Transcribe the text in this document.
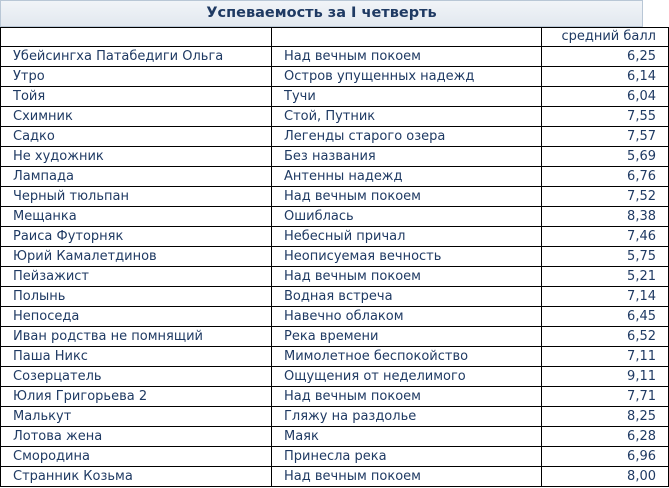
Успеваемость за I четверть
		средний балл
Убейсингха Патабедиги Ольга	Над вечным покоем	6,25
Утро	Остров упущенных надежд	6,14
Тойя	Тучи	6,04
Схимник	Стой, Путник	7,55
Садко	Легенды старого озера	7,57
Не художник	Без названия	5,69
Лампада	Антенны надежд	6,76
Черный тюльпан	Над вечным покоем	7,52
Мещанка	Ошиблась	8,38
Раиса Футорняк	Небесный причал	7,46
Юрий Камалетдинов	Неописуемая вечность	5,75
Пейзажист	Над вечным покоем	5,21
Полынь	Водная встреча	7,14
Непоседа	Навечно облаком	6,45
Иван родства не помнящий	Река времени	6,52
Паша Никс	Мимолетное беспокойство	7,11
Созерцатель	Ощущения от неделимого	9,11
Юлия Григорьева 2	Над вечным покоем	7,71
Малькут	Гляжу на раздолье	8,25
Лотова жена	Маяк	6,28
Смородина	Принесла река	6,96
Странник Козьма	Над вечным покоем	8,00
